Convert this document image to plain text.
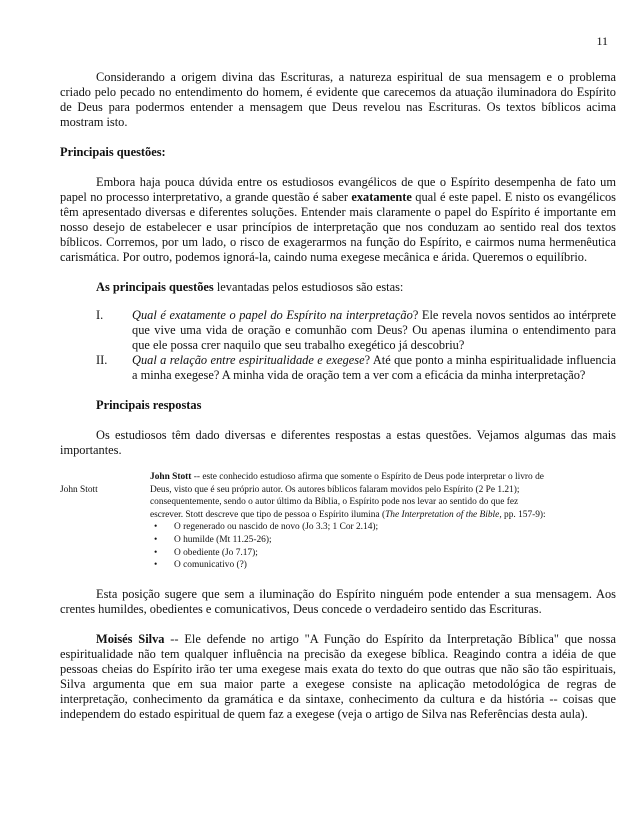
11

Considerando a origem divina das Escrituras, a natureza espiritual de sua mensagem e o problema criado pelo pecado no entendimento do homem, é evidente que carecemos da atuação iluminadora do Espírito de Deus para podermos entender a mensagem que Deus revelou nas Escrituras. Os textos bíblicos acima mostram isto.

Principais questões:

Embora haja pouca dúvida entre os estudiosos evangélicos de que o Espírito desempenha de fato um papel no processo interpretativo, a grande questão é saber exatamente qual é este papel. E nisto os evangélicos têm apresentado diversas e diferentes soluções. Entender mais claramente o papel do Espírito é importante em nosso desejo de estabelecer e usar princípios de interpretação que nos conduzam ao sentido real dos textos bíblicos. Corremos, por um lado, o risco de exagerarmos na função do Espírito, e cairmos numa hermenêutica carismática. Por outro, podemos ignorá-la, caindo numa exegese mecânica e árida. Queremos o equilíbrio.

As principais questões levantadas pelos estudiosos são estas:

I.	Qual é exatamente o papel do Espírito na interpretação? Ele revela novos sentidos ao intérprete que vive uma vida de oração e comunhão com Deus? Ou apenas ilumina o entendimento para que ele possa crer naquilo que seu trabalho exegético já descobriu?
II.	Qual a relação entre espiritualidade e exegese? Até que ponto a minha espiritualidade influencia a minha exegese? A minha vida de oração tem a ver com a eficácia da minha interpretação?

Principais respostas

Os estudiosos têm dado diversas e diferentes respostas a estas questões. Vejamos algumas das mais importantes.

John Stott

John Stott -- este conhecido estudioso afirma que somente o Espírito de Deus pode interpretar o livro de Deus, visto que é seu próprio autor. Os autores bíblicos falaram movidos pelo Espírito (2 Pe 1.21); consequentemente, sendo o autor último da Bíblia, o Espírito pode nos levar ao sentido do que fez escrever. Stott descreve que tipo de pessoa o Espírito ilumina (The Interpretation of the Bible, pp. 157-9):

•	O regenerado ou nascido de novo (Jo 3.3; 1 Cor 2.14);
•	O humilde (Mt 11.25-26);
•	O obediente (Jo 7.17);
•	O comunicativo (?)

Esta posição sugere que sem a iluminação do Espírito ninguém pode entender a sua mensagem. Aos crentes humildes, obedientes e comunicativos, Deus concede o verdadeiro sentido das Escrituras.

Moisés Silva -- Ele defende no artigo "A Função do Espírito da Interpretação Bíblica" que nossa espiritualidade não tem qualquer influência na precisão da exegese bíblica. Reagindo contra a idéia de que pessoas cheias do Espírito irão ter uma exegese mais exata do texto do que outras que não são tão espirituais, Silva argumenta que em sua maior parte a exegese consiste na aplicação metodológica de regras de interpretação, conhecimento da gramática e da sintaxe, conhecimento da cultura e da história -- coisas que independem do estado espiritual de quem faz a exegese (veja o artigo de Silva nas Referências desta aula).
